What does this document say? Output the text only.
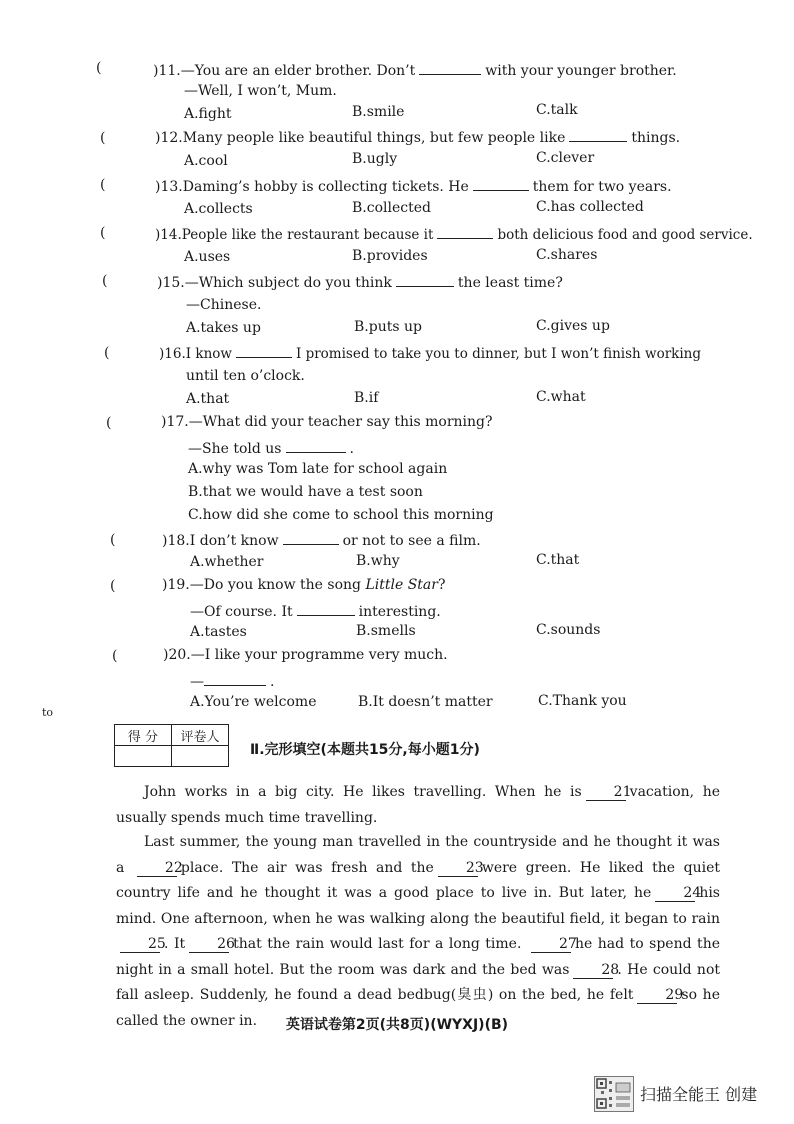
(	)11.—You are an elder brother. Don’t	with your younger brother.
—Well, I won’t, Mum.
A.fight	B.smile	C.talk
(	)12.Many people like beautiful things, but few people like	things.
A.cool	B.ugly	C.clever
(	)13.Daming’s hobby is collecting tickets. He	them for two years.
A.collects	B.collected	C.has collected
(	)14.People like the restaurant because it	both delicious food and good service.
A.uses	B.provides	C.shares
(	)15.—Which subject do you think	the least time?
—Chinese.
A.takes up	B.puts up	C.gives up
(	)16.I know	I promised to take you to dinner, but I won’t finish working
until ten o’clock.
A.that	B.if	C.what
(	)17.—What did your teacher say this morning?
—She told us	.
A.why was Tom late for school again
B.that we would have a test soon
C.how did she come to school this morning
(	)18.I don’t know	or not to see a film.
A.whether	B.why	C.that
(	)19.—Do you know the song Little Star?
—Of course. It	interesting.
A.tastes	B.smells	C.sounds
(	)20.—I like your programme very much.
—	.
A.You’re welcome	B.It doesn’t matter	C.Thank you
to
得 分	评卷人

Ⅱ.完形填空(本题共15分,每小题1分)
John works in a big city. He likes travelling. When he is 21vacation, he usually spends much time travelling.
Last summer, the young man travelled in the countryside and he thought it was a	22place. The air was fresh and the 23were green. He liked the quiet country life and he thought it was a good place to live in. But later, he 24his mind. One afternoon, when he was walking along the beautiful field, it began to rain25. It 26that the rain would last for a long time.	27he had to spend the night in a small hotel. But the room was dark and the bed was 28. He could not fall asleep. Suddenly, he found a dead bedbug(臭虫) on the bed, he felt 29so he called the owner in.	英语试卷第2页(共8页)(WYXJ)(B)
扫描全能王 创建
